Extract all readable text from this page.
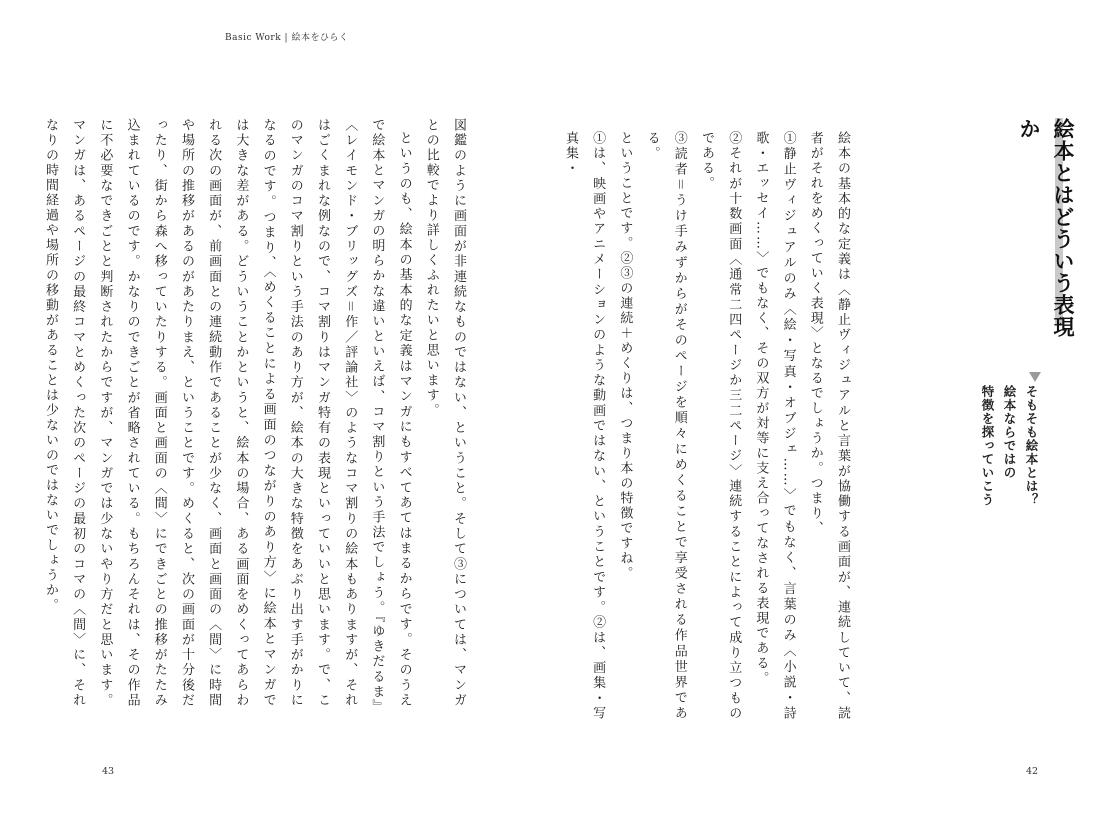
Basic Work | 絵本をひらく

図鑑のように画面が非連続なものではない、ということ。そして③については、マンガとの比較でより詳しくふれたいと思います。

というのも、絵本の基本的な定義はマンガにもすべてあてはまるからです。そのうえで絵本とマンガの明らかな違いといえば、コマ割りという手法でしょう。『ゆきだるま』〈レイモンド・ブリッグズ＝作／評論社〉のようなコマ割りの絵本もありますが、それはごくまれな例なので、コマ割りはマンガ特有の表現といっていいと思います。で、このマンガのコマ割りという手法のあり方が、絵本の大きな特徴をあぶり出す手がかりになるのです。つまり、〈めくることによる画面のつながりのあり方〉に絵本とマンガでは大きな差がある。どういうことかというと、絵本の場合、ある画面をめくってあらわれる次の画面が、前画面との連続動作であることが少なく、画面と画面の〈間〉に時間や場所の推移があるのがあたりまえ、ということです。めくると、次の画面が十分後だったり、街から森へ移っていたりする。画面と画面の〈間〉にできごとの推移がたたみ込まれているのです。かなりのできごとが省略されている。もちろんそれは、その作品に不必要なできごとと判断されたからですが、マンガでは少ないやり方だと思います。マンガは、あるページの最終コマとめくった次のページの最初のコマの〈間〉に、それなりの時間経過や場所の移動があることは少ないのではないでしょうか。

43
絵本とはどういう表現か
そもそも絵本とは？
絵本ならではの
特徴を探っていこう

絵本の基本的な定義は〈静止ヴィジュアルと言葉が協働する画面が、連続していて、読者がそれをめくっていく表現〉となるでしょうか。つまり、

①静止ヴィジュアルのみ〈絵・写真・オブジェ……〉でもなく、言葉のみ〈小説・詩歌・エッセイ……〉でもなく、その双方が対等に支え合ってなされる表現である。

②それが十数画面〈通常二四ページか三二ページ〉連続することによって成り立つものである。

③読者＝うけ手みずからがそのページを順々にめくることで享受される作品世界である。

ということです。②③の連続＋めくりは、つまり本の特徴ですね。

①は、映画やアニメーションのような動画ではない、ということです。②は、画集・写真集・

42
